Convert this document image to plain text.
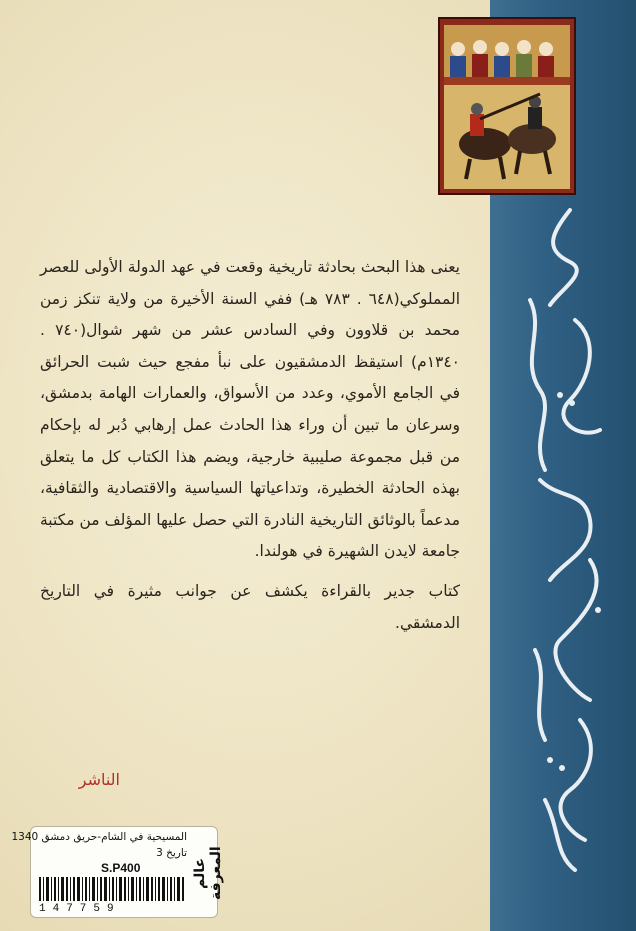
يعنى هذا البحث بحادثة تاريخية وقعت في عهد الدولة الأولى للعصر المملوكي(٦٤٨ . ٧٨٣ هـ) ففي السنة الأخيرة من ولاية تنكز زمن محمد بن قلاوون وفي السادس عشر من شهر شوال(٧٤٠ . ١٣٤٠م) استيقظ الدمشقيون على نبأ مفجع حيث شبت الحرائق في الجامع الأموي، وعدد من الأسواق، والعمارات الهامة بدمشق، وسرعان ما تبين أن وراء هذا الحادث عمل إرهابي دُبر له بإحكام من قبل مجموعة صليبية خارجية، ويضم هذا الكتاب كل ما يتعلق بهذه الحادثة الخطيرة، وتداعياتها السياسية والاقتصادية والثقافية، مدعماً بالوثائق التاريخية النادرة التي حصل عليها المؤلف من مكتبة جامعة لايدن الشهيرة في هولندا.

كتاب جدير بالقراءة يكشف عن جوانب مثيرة في التاريخ الدمشقي.

الناشر
عالم المعرفة
المسيحية في الشام-حريق دمشق 1340
تاريخ 3
S.P400
147759
